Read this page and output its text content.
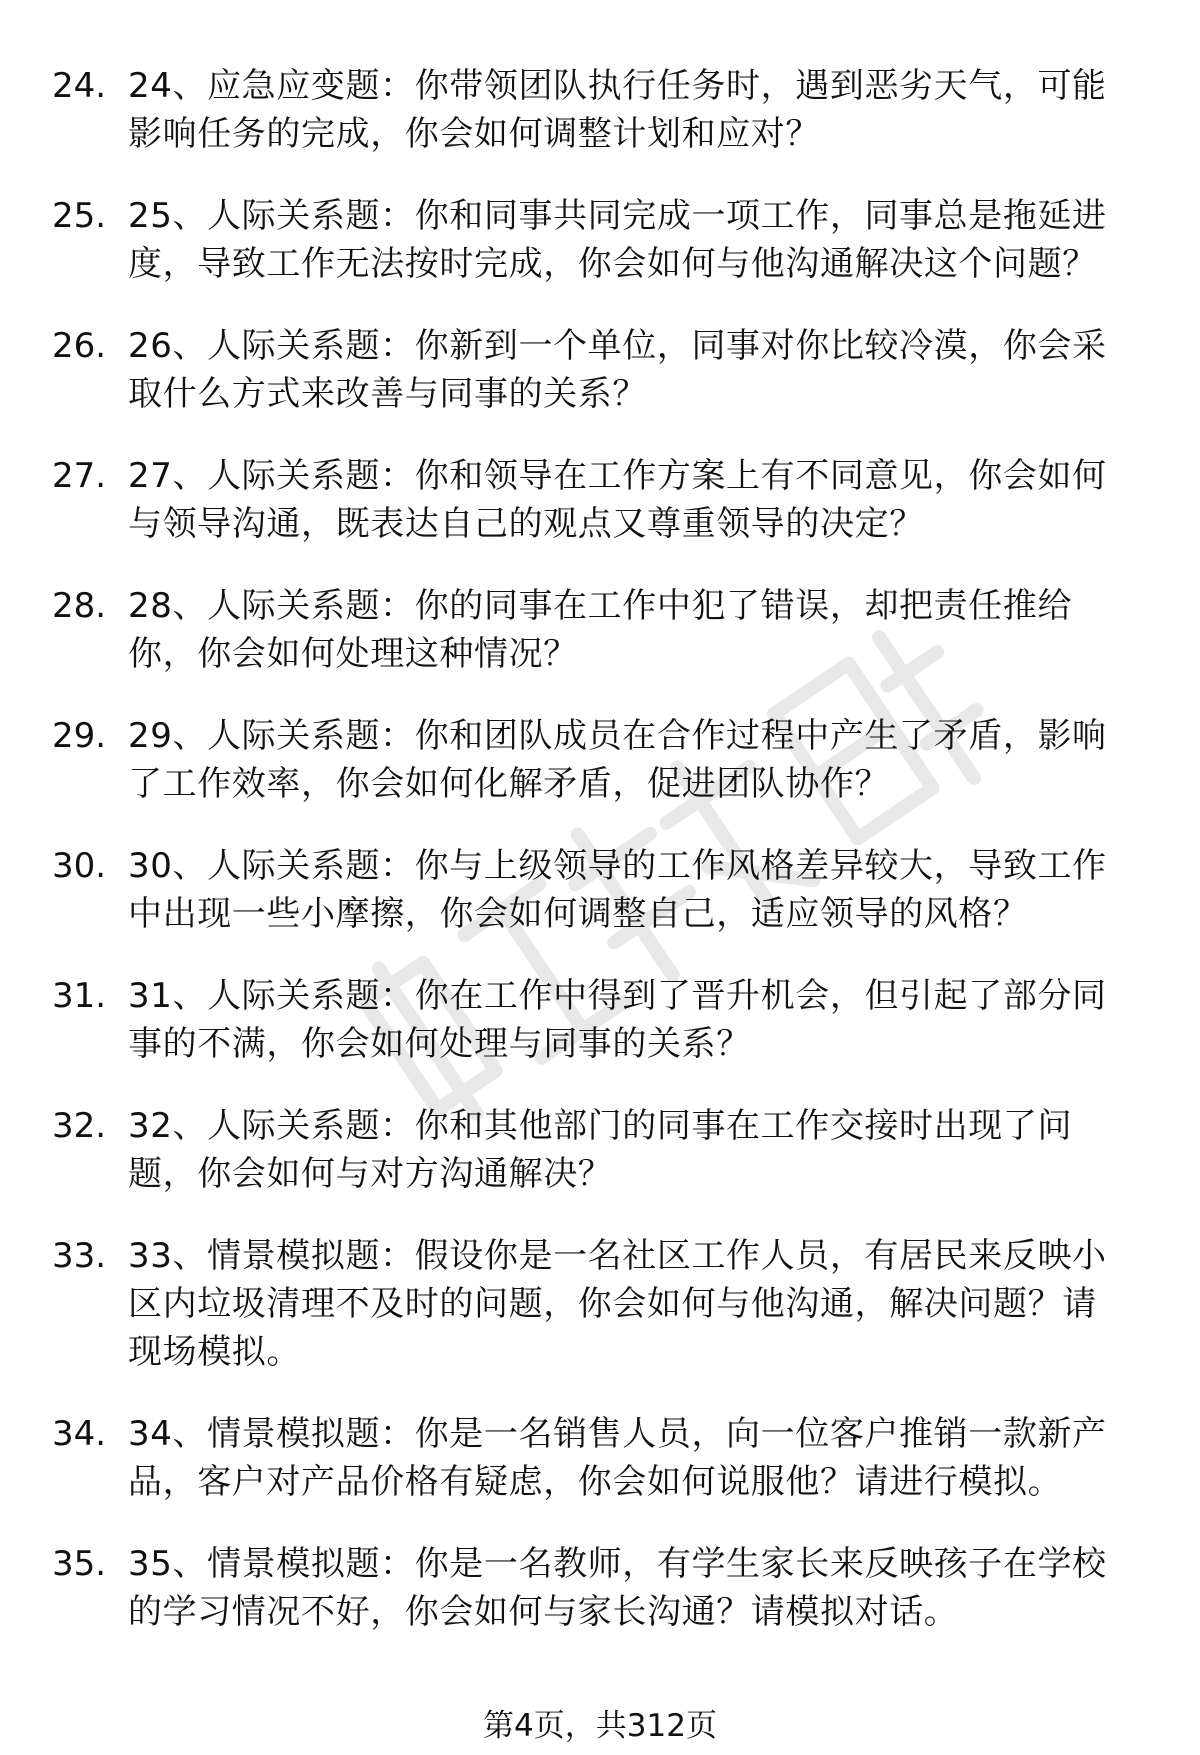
24. 24、应急应变题：你带领团队执行任务时，遇到恶劣天气，可能影响任务的完成，你会如何调整计划和应对？
25. 25、人际关系题：你和同事共同完成一项工作，同事总是拖延进度，导致工作无法按时完成，你会如何与他沟通解决这个问题？
26. 26、人际关系题：你新到一个单位，同事对你比较冷漠，你会采取什么方式来改善与同事的关系？
27. 27、人际关系题：你和领导在工作方案上有不同意见，你会如何与领导沟通，既表达自己的观点又尊重领导的决定？
28. 28、人际关系题：你的同事在工作中犯了错误，却把责任推给你，你会如何处理这种情况？
29. 29、人际关系题：你和团队成员在合作过程中产生了矛盾，影响了工作效率，你会如何化解矛盾，促进团队协作？
30. 30、人际关系题：你与上级领导的工作风格差异较大，导致工作中出现一些小摩擦，你会如何调整自己，适应领导的风格？
31. 31、人际关系题：你在工作中得到了晋升机会，但引起了部分同事的不满，你会如何处理与同事的关系？
32. 32、人际关系题：你和其他部门的同事在工作交接时出现了问题，你会如何与对方沟通解决？
33. 33、情景模拟题：假设你是一名社区工作人员，有居民来反映小区内垃圾清理不及时的问题，你会如何与他沟通，解决问题？请现场模拟。
34. 34、情景模拟题：你是一名销售人员，向一位客户推销一款新产品，客户对产品价格有疑虑，你会如何说服他？请进行模拟。
35. 35、情景模拟题：你是一名教师，有学生家长来反映孩子在学校的学习情况不好，你会如何与家长沟通？请模拟对话。
第4页，共312页
